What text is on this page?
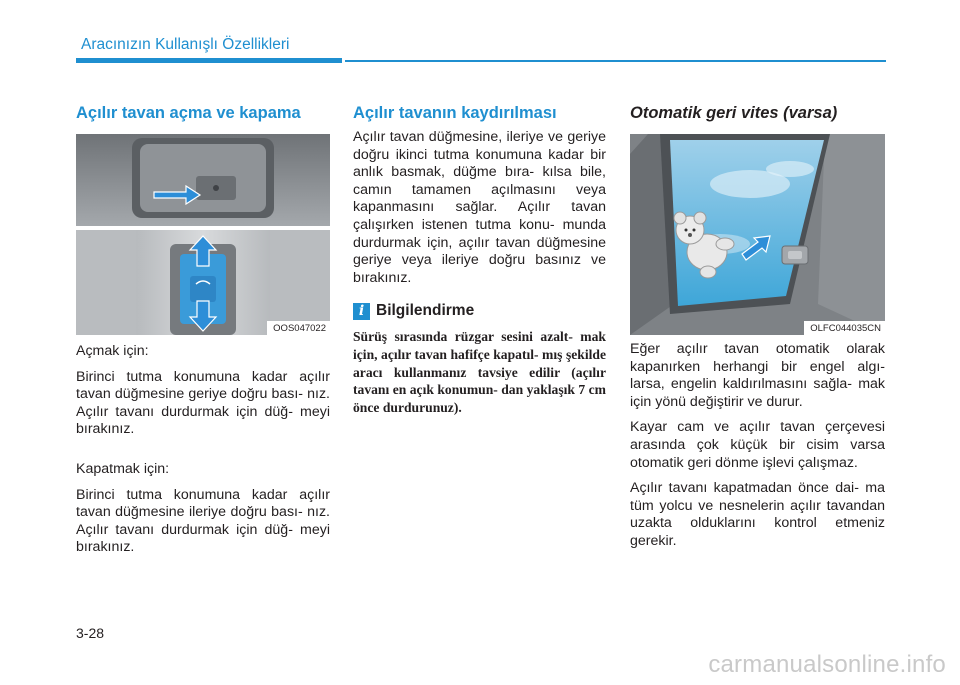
Aracınızın Kullanışlı Özellikleri
Açılır tavan açma ve kapama
OOS047022

Açmak için:

Birinci tutma konumuna kadar açılır tavan düğmesine geriye doğru bası- nız. Açılır tavanı durdurmak için düğ- meyi bırakınız.

Kapatmak için:

Birinci tutma konumuna kadar açılır tavan düğmesine ileriye doğru bası- nız. Açılır tavanı durdurmak için düğ- meyi bırakınız.

Açılır tavanın kaydırılması

Açılır tavan düğmesine, ileriye ve geriye doğru ikinci tutma konumuna kadar bir anlık basmak, düğme bıra- kılsa bile, camın tamamen açılmasını veya kapanmasını sağlar. Açılır tavan çalışırken istenen tutma konu- munda durdurmak için, açılır tavan düğmesine geriye veya ileriye doğru basınız ve bırakınız.

i Bilgilendirme
Sürüş sırasında rüzgar sesini azalt- mak için, açılır tavan hafifçe kapatıl- mış şekilde aracı kullanmanız tavsiye edilir (açılır tavanı en açık konumun- dan yaklaşık 7 cm önce durdurunuz).
Otomatik geri vites (varsa)
OLFC044035CN

Eğer açılır tavan otomatik olarak kapanırken herhangi bir engel algı- larsa, engelin kaldırılmasını sağla- mak için yönü değiştirir ve durur.

Kayar cam ve açılır tavan çerçevesi arasında çok küçük bir cisim varsa otomatik geri dönme işlevi çalışmaz.

Açılır tavanı kapatmadan önce dai- ma tüm yolcu ve nesnelerin açılır tavandan uzakta olduklarını kontrol etmeniz gerekir.

3-28
carmanualsonline.info
